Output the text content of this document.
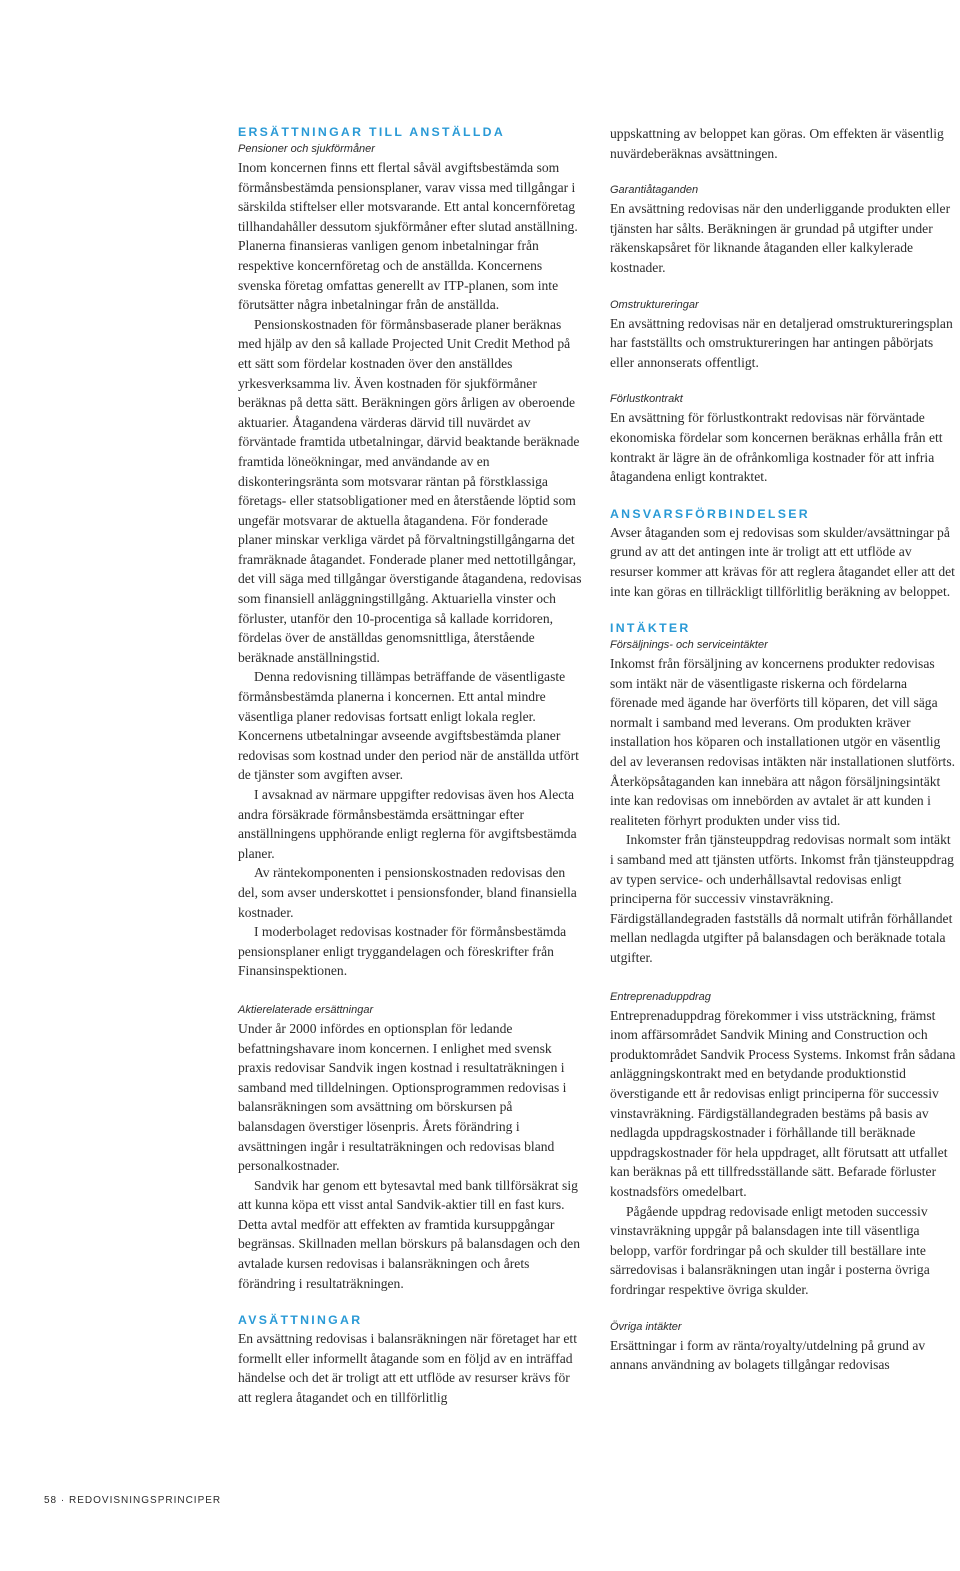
ERSÄTTNINGAR TILL ANSTÄLLDA
Pensioner och sjukförmåner

Inom koncernen finns ett flertal såväl avgiftsbestämda som förmånsbestämda pensionsplaner, varav vissa med tillgångar i särskilda stiftelser eller motsvarande. Ett antal koncernföretag tillhandahåller dessutom sjukförmåner efter slutad anställning. Planerna finansieras vanligen genom inbetalningar från respektive koncernföretag och de anställda. Koncernens svenska företag omfattas generellt av ITP-planen, som inte förutsätter några inbetalningar från de anställda.

Pensionskostnaden för förmånsbaserade planer beräknas med hjälp av den så kallade Projected Unit Credit Method på ett sätt som fördelar kostnaden över den anställdes yrkesverksamma liv. Även kostnaden för sjukförmåner beräknas på detta sätt. Beräkningen görs årligen av oberoende aktuarier. Åtagandena värderas därvid till nuvärdet av förväntade framtida utbetalningar, därvid beaktande beräknade framtida löneökningar, med användande av en diskonteringsränta som motsvarar räntan på förstklassiga företags- eller statsobligationer med en återstående löptid som ungefär motsvarar de aktuella åtagandena. För fonderade planer minskar verkliga värdet på förvaltningstillgångarna det framräknade åtagandet. Fonderade planer med nettotillgångar, det vill säga med tillgångar överstigande åtagandena, redovisas som finansiell anläggningstillgång. Aktuariella vinster och förluster, utanför den 10-procentiga så kallade korridoren, fördelas över de anställdas genomsnittliga, återstående beräknade anställningstid.

Denna redovisning tillämpas beträffande de väsentligaste förmånsbestämda planerna i koncernen. Ett antal mindre väsentliga planer redovisas fortsatt enligt lokala regler. Koncernens utbetalningar avseende avgiftsbestämda planer redovisas som kostnad under den period när de anställda utfört de tjänster som avgiften avser.

I avsaknad av närmare uppgifter redovisas även hos Alecta andra försäkrade förmånsbestämda ersättningar efter anställningens upphörande enligt reglerna för avgiftsbestämda planer.

Av räntekomponenten i pensionskostnaden redovisas den del, som avser underskottet i pensionsfonder, bland finansiella kostnader.

I moderbolaget redovisas kostnader för förmånsbestämda pensionsplaner enligt tryggandelagen och föreskrifter från Finansinspektionen.

Aktierelaterade ersättningar

Under år 2000 infördes en optionsplan för ledande befattningshavare inom koncernen. I enlighet med svensk praxis redovisar Sandvik ingen kostnad i resultaträkningen i samband med tilldelningen. Optionsprogrammen redovisas i balansräkningen som avsättning om börskursen på balansdagen överstiger lösenpris. Årets förändring i avsättningen ingår i resultaträkningen och redovisas bland personalkostnader.

Sandvik har genom ett bytesavtal med bank tillförsäkrat sig att kunna köpa ett visst antal Sandvik-aktier till en fast kurs. Detta avtal medför att effekten av framtida kursuppgångar begränsas. Skillnaden mellan börskurs på balansdagen och den avtalade kursen redovisas i balansräkningen och årets förändring i resultaträkningen.

AVSÄTTNINGAR

En avsättning redovisas i balansräkningen när företaget har ett formellt eller informellt åtagande som en följd av en inträffad händelse och det är troligt att ett utflöde av resurser krävs för att reglera åtagandet och en tillförlitlig

uppskattning av beloppet kan göras. Om effekten är väsentlig nuvärdeberäknas avsättningen.

Garantiåtaganden

En avsättning redovisas när den underliggande produkten eller tjänsten har sålts. Beräkningen är grundad på utgifter under räkenskapsåret för liknande åtaganden eller kalkylerade kostnader.

Omstruktureringar

En avsättning redovisas när en detaljerad omstruktureringsplan har fastställts och omstruktureringen har antingen påbörjats eller annonserats offentligt.

Förlustkontrakt

En avsättning för förlustkontrakt redovisas när förväntade ekonomiska fördelar som koncernen beräknas erhålla från ett kontrakt är lägre än de ofrånkomliga kostnader för att infria åtagandena enligt kontraktet.

ANSVARSFÖRBINDELSER

Avser åtaganden som ej redovisas som skulder/avsättningar på grund av att det antingen inte är troligt att ett utflöde av resurser kommer att krävas för att reglera åtagandet eller att det inte kan göras en tillräckligt tillförlitlig beräkning av beloppet.

INTÄKTER
Försäljnings- och serviceintäkter

Inkomst från försäljning av koncernens produkter redovisas som intäkt när de väsentligaste riskerna och fördelarna förenade med ägande har överförts till köparen, det vill säga normalt i samband med leverans. Om produkten kräver installation hos köparen och installationen utgör en väsentlig del av leveransen redovisas intäkten när installationen slutförts. Återköpsåtaganden kan innebära att någon försäljningsintäkt inte kan redovisas om innebörden av avtalet är att kunden i realiteten förhyrt produkten under viss tid.

Inkomster från tjänsteuppdrag redovisas normalt som intäkt i samband med att tjänsten utförts. Inkomst från tjänsteuppdrag av typen service- och underhållsavtal redovisas enligt principerna för successiv vinstavräkning. Färdigställandegraden fastställs då normalt utifrån förhållandet mellan nedlagda utgifter på balansdagen och beräknade totala utgifter.

Entreprenaduppdrag

Entreprenaduppdrag förekommer i viss utsträckning, främst inom affärsområdet Sandvik Mining and Construction och produktområdet Sandvik Process Systems. Inkomst från sådana anläggningskontrakt med en betydande produktionstid överstigande ett år redovisas enligt principerna för successiv vinstavräkning. Färdigställandegraden bestäms på basis av nedlagda uppdragskostnader i förhållande till beräknade uppdragskostnader för hela uppdraget, allt förutsatt att utfallet kan beräknas på ett tillfredsställande sätt. Befarade förluster kostnadsförs omedelbart.

Pågående uppdrag redovisade enligt metoden successiv vinstavräkning uppgår på balansdagen inte till väsentliga belopp, varför fordringar på och skulder till beställare inte särredovisas i balansräkningen utan ingår i posterna övriga fordringar respektive övriga skulder.

Övriga intäkter

Ersättningar i form av ränta/royalty/utdelning på grund av annans användning av bolagets tillgångar redovisas

58 · REDOVISNINGSPRINCIPER
